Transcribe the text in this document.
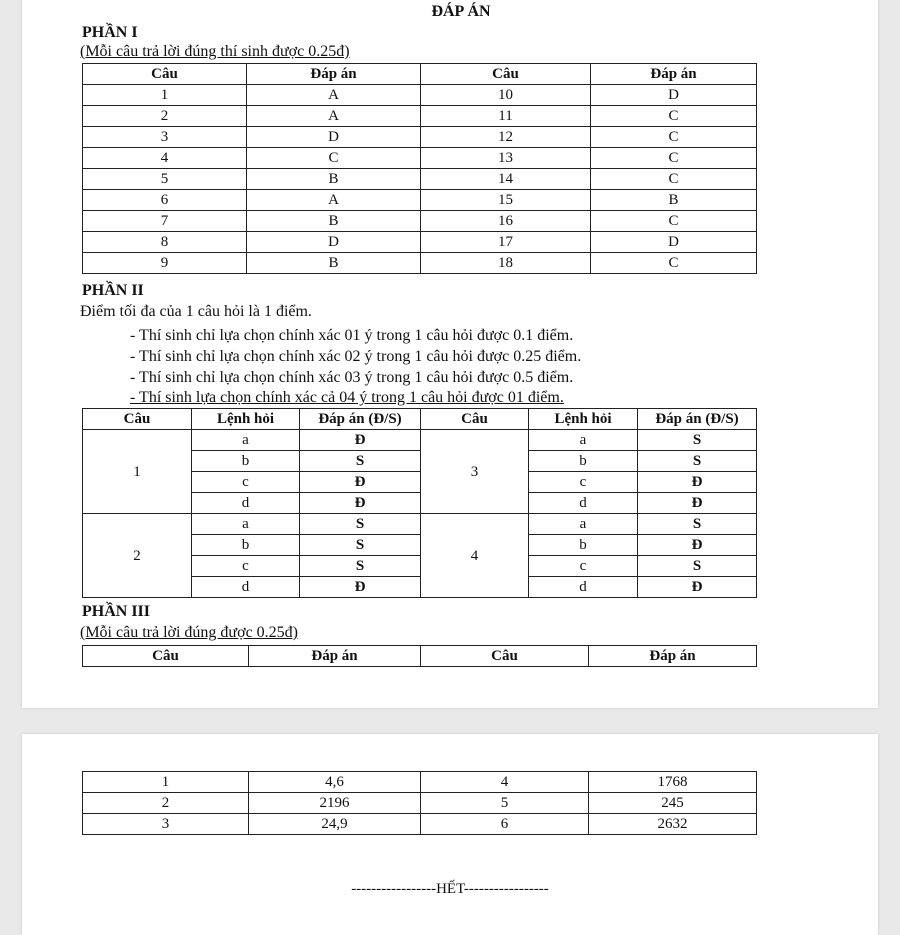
ĐÁP ÁN
PHẦN I
(Mỗi câu trả lời đúng thí sinh được 0.25đ)
Câu	Đáp án	Câu	Đáp án
1	A	10	D
2	A	11	C
3	D	12	C
4	C	13	C
5	B	14	C
6	A	15	B
7	B	16	C
8	D	17	D
9	B	18	C
PHẦN II
Điểm tối đa của 1 câu hỏi là 1 điểm.
- Thí sinh chỉ lựa chọn chính xác 01 ý trong 1 câu hỏi được 0.1 điểm.
- Thí sinh chỉ lựa chọn chính xác 02 ý trong 1 câu hỏi được 0.25 điểm.
- Thí sinh chỉ lựa chọn chính xác 03 ý trong 1 câu hỏi được 0.5 điểm.
- Thí sinh lựa chọn chính xác cả 04 ý trong 1 câu hỏi được 01 điểm.
Câu	Lệnh hỏi	Đáp án (Đ/S)	Câu	Lệnh hỏi	Đáp án (Đ/S)
1	a	Đ	3	a	S
	b	S		b	S
	c	Đ		c	Đ
	d	Đ		d	Đ
2	a	S	4	a	S
	b	S		b	Đ
	c	S		c	S
	d	Đ		d	Đ
PHẦN III
(Mỗi câu trả lời đúng được 0.25đ)
Câu	Đáp án	Câu	Đáp án
1	4,6	4	1768
2	2196	5	245
3	24,9	6	2632
-----------------HẾT-----------------
